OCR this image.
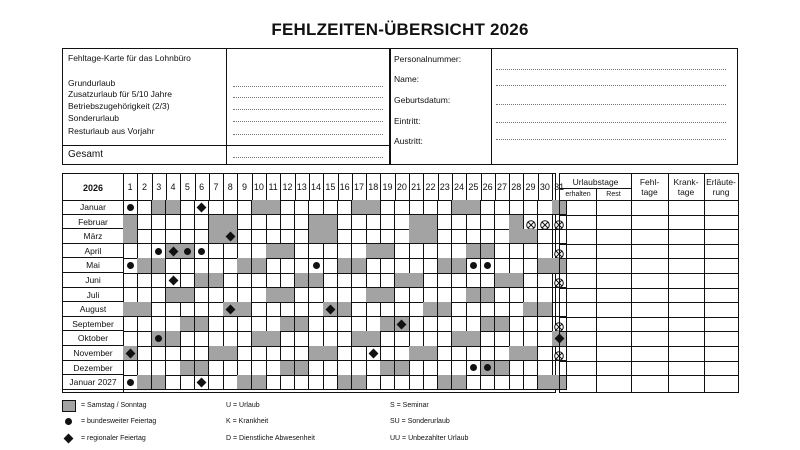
FEHLZEITEN-ÜBERSICHT 2026
Fehltage-Karte für das Lohnbüro
Grundurlaub
Zusatzurlaub für 5/10 Jahre
Betriebszugehörigkeit (2/3)
Sonderurlaub
Resturlaub aus Vorjahr
Gesamt
Personalnummer:
Name:
Geburtsdatum:
Eintritt:
Austritt:
2026	1	2	3	4	5	6	7	8	9 10 11 12 13 14 15 16 17 18 19 20 21 22 23 24 25 26 27 28 29 30 31
Januar
Februar
März
April
Mai
Juni
Juli
August
September
Oktober
November
Dezember
Januar 2027
Urlaubstage
erhalten	Rest
Fehl-
tage
Krank-
tage
Erläute-
rung
= Samstag / Sonntag
= bundesweiter Feiertag
= regionaler Feiertag
U = Urlaub
K = Krankheit
D = Dienstliche Abwesenheit
S = Seminar
SU = Sonderurlaub
UU = Unbezahlter Urlaub
